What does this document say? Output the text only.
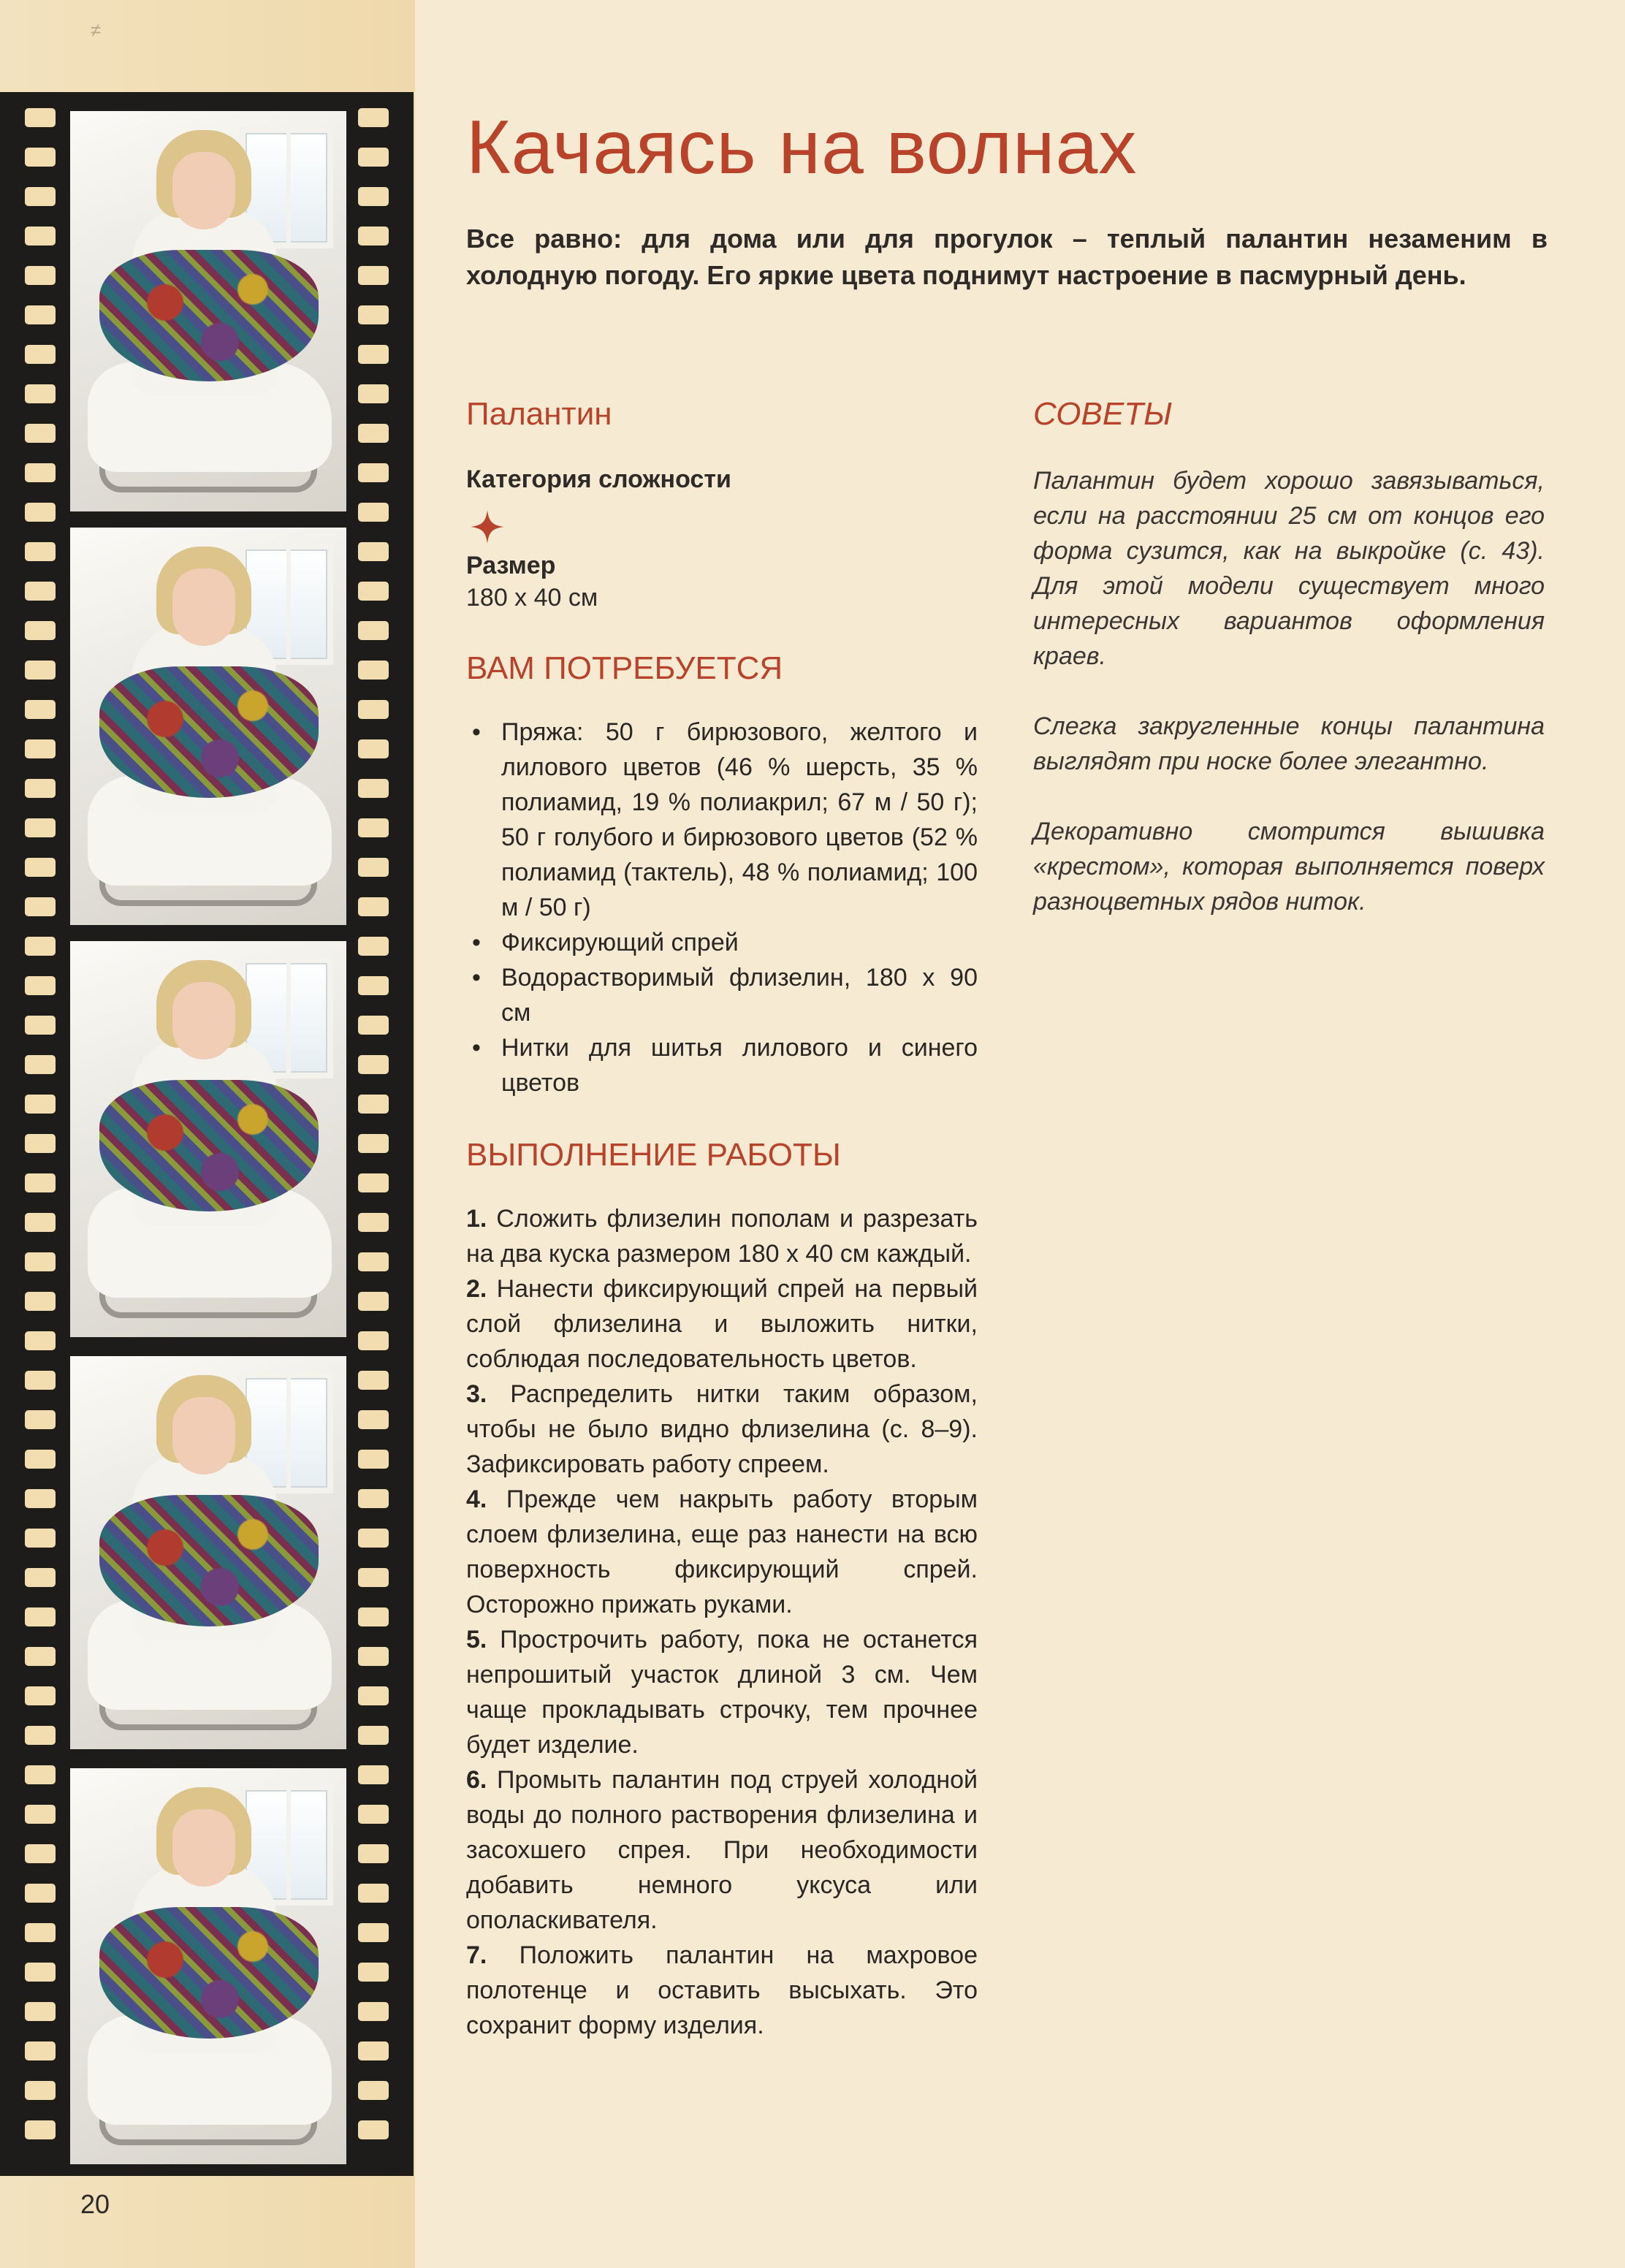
≠
Качаясь на волнах

Все равно: для дома или для прогулок – теплый палантин незаменим в холодную погоду. Его яркие цвета поднимут настроение в пасмурный день.

Палантин
Категория сложности
Размер
180 х 40 см
ВАМ ПОТРЕБУЕТСЯ
• Пряжа: 50 г бирюзового, желтого и лилового цветов (46 % шерсть, 35 % полиамид, 19 % полиакрил; 67 м / 50 г); 50 г голубого и бирюзового цветов (52 % полиамид (тактель), 48 % полиамид; 100 м / 50 г)
• Фиксирующий спрей
• Водорастворимый флизелин, 180 х 90 см
• Нитки для шитья лилового и синего цветов
ВЫПОЛНЕНИЕ РАБОТЫ

1. Сложить флизелин пополам и разрезать на два куска размером 180 х 40 см каждый.

2. Нанести фиксирующий спрей на первый слой флизелина и выложить нитки, соблюдая последовательность цветов.

3. Распределить нитки таким образом, чтобы не было видно флизелина (с. 8–9). Зафиксировать работу спреем.

4. Прежде чем накрыть работу вторым слоем флизелина, еще раз нанести на всю поверхность фиксирующий спрей. Осторожно прижать руками.

5. Прострочить работу, пока не останется непрошитый участок длиной 3 см. Чем чаще прокладывать строчку, тем прочнее будет изделие.

6. Промыть палантин под струей холодной воды до полного растворения флизелина и засохшего спрея. При необходимости добавить немного уксуса или ополаскивателя.

7. Положить палантин на махровое полотенце и оставить высыхать. Это сохранит форму изделия.

СОВЕТЫ

Палантин будет хорошо завязываться, если на расстоянии 25 см от концов его форма сузится, как на выкройке (с. 43). Для этой модели существует много интересных вариантов оформления краев.

Слегка закругленные концы палантина выглядят при носке более элегантно.

Декоративно смотрится вышивка «крестом», которая выполняется поверх разноцветных рядов ниток.

20
